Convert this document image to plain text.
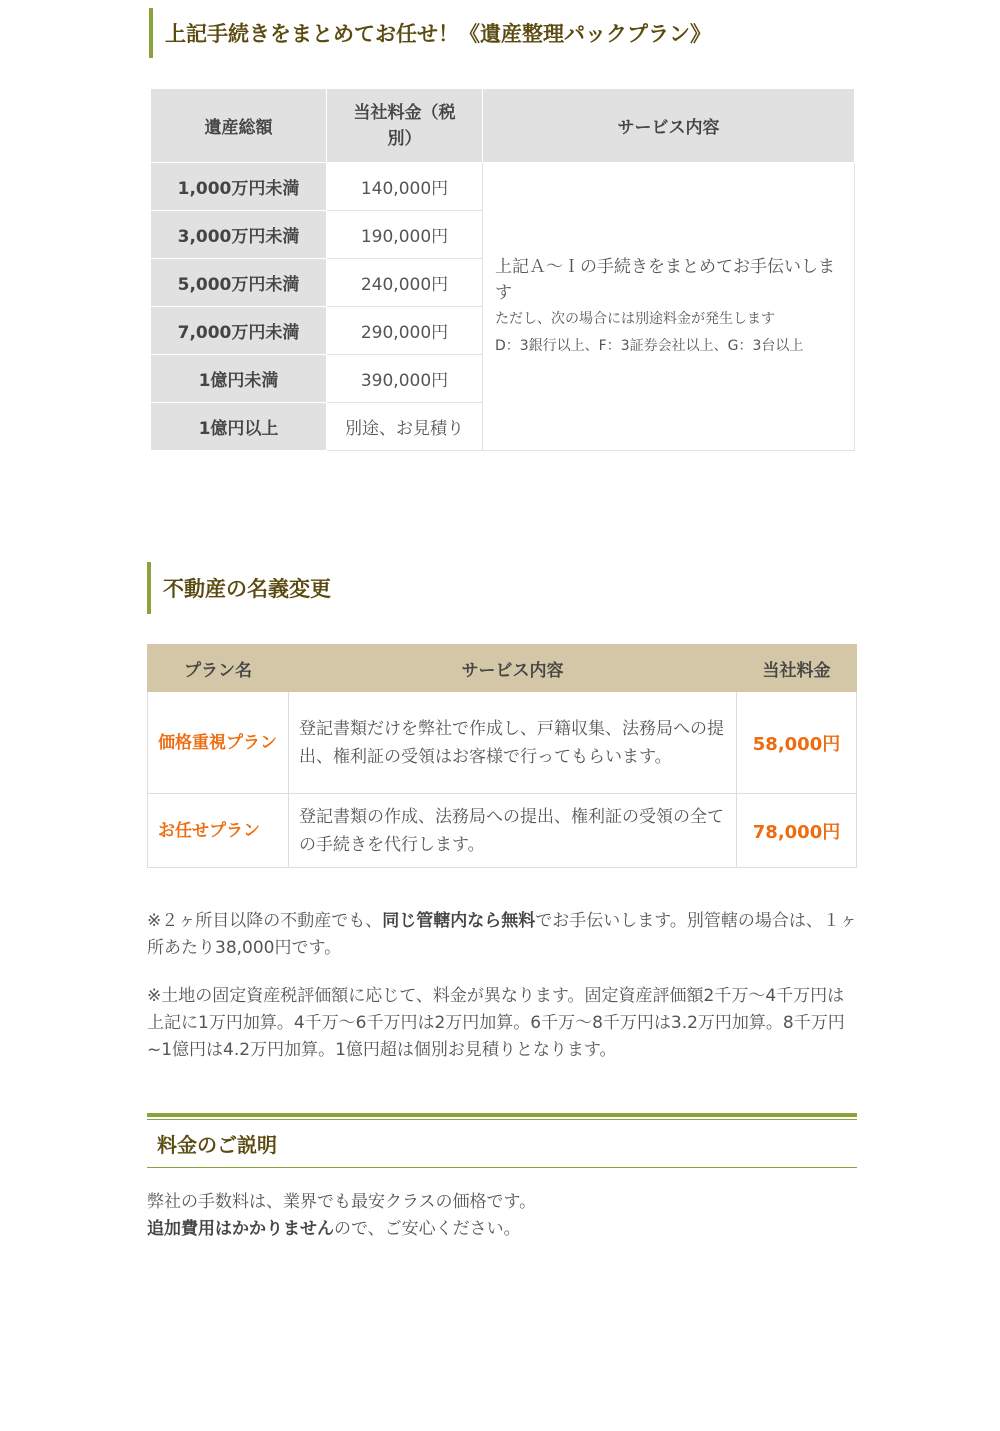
上記手続きをまとめてお任せ！《遺産整理パックプラン》
遺産総額	当社料金（税別）	サービス内容
1,000万円未満	140,000円	上記Ａ～Ｉの手続きをまとめてお手伝いします
ただし、次の場合には別途料金が発生します
D：3銀行以上、F：3証券会社以上、G：3台以上

3,000万円未満	190,000円	
5,000万円未満	240,000円	
7,000万円未満	290,000円	
1億円未満	390,000円	
1億円以上	別途、お見積り	
不動産の名義変更
プラン名	サービス内容	当社料金
価格重視プラン	登記書類だけを弊社で作成し、戸籍収集、法務局への提出、権利証の受領はお客様で行ってもらいます。	58,000円
お任せプラン	登記書類の作成、法務局への提出、権利証の受領の全ての手続きを代行します。	78,000円

※２ヶ所目以降の不動産でも、同じ管轄内なら無料でお手伝いします。別管轄の場合は、１ヶ所あたり38,000円です。

※土地の固定資産税評価額に応じて、料金が異なります。固定資産評価額2千万～4千万円は上記に1万円加算。4千万～6千万円は2万円加算。6千万～8千万円は3.2万円加算。8千万円~1億円は4.2万円加算。1億円超は個別お見積りとなります。

料金のご説明

弊社の手数料は、業界でも最安クラスの価格です。
追加費用はかかりませんので、ご安心ください。
